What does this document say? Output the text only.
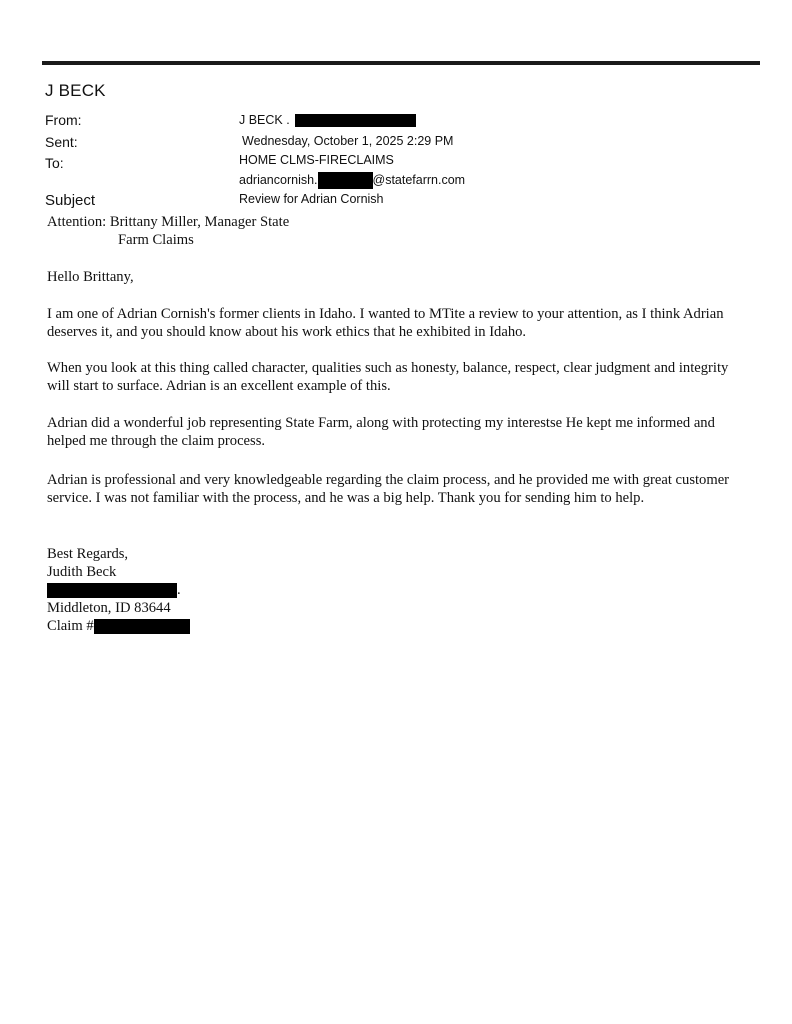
J BECK
From:
Sent:
To:
Subject
J BECK .
Wednesday, October 1, 2025 2:29 PM
HOME CLMS-FIRECLAIMS
adriancornish.	@statefarrn.com
Review for Adrian Cornish

Attention: Brittany Miller, Manager State

Farm Claims

Hello Brittany,
I am one of Adrian Cornish's former clients in Idaho. I wanted to MTite a review to your attention, as I think Adrian deserves it, and you should know about his work ethics that he exhibited in Idaho.
When you look at this thing called character, qualities such as honesty, balance, respect, clear judgment and integrity will start to surface. Adrian is an excellent example of this.
Adrian did a wonderful job representing State Farm, along with protecting my interestse He kept me informed and helped me through the claim process.
Adrian is professional and very knowledgeable regarding the claim process, and he provided me with great customer service. I was not familiar with the process, and he was a big help. Thank you for sending him to help.

Best Regards,

Judith Beck

.

Middleton, ID 83644

Claim #
